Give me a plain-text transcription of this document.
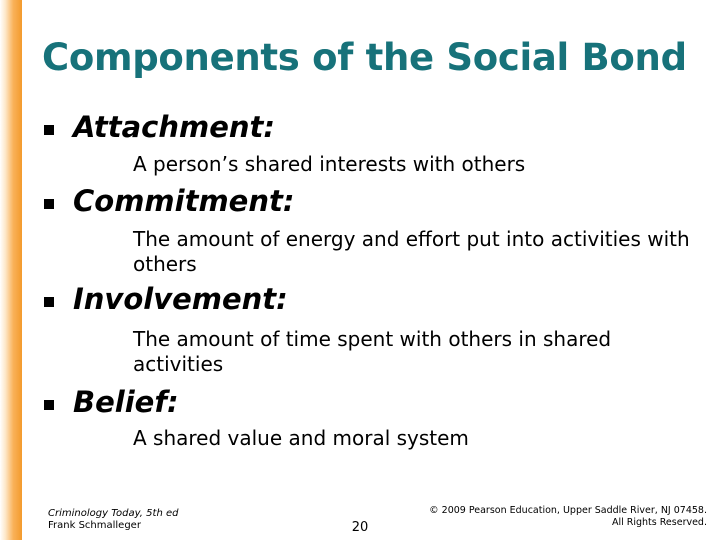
Components of the Social Bond
Attachment:
A person’s shared interests with others
Commitment:
The amount of energy and effort put into activities with others
Involvement:
The amount of time spent with others in shared activities
Belief:
A shared value and moral system
Criminology Today, 5th ed
Frank Schmalleger	20
© 2009 Pearson Education, Upper Saddle River, NJ 07458.
All Rights Reserved.
